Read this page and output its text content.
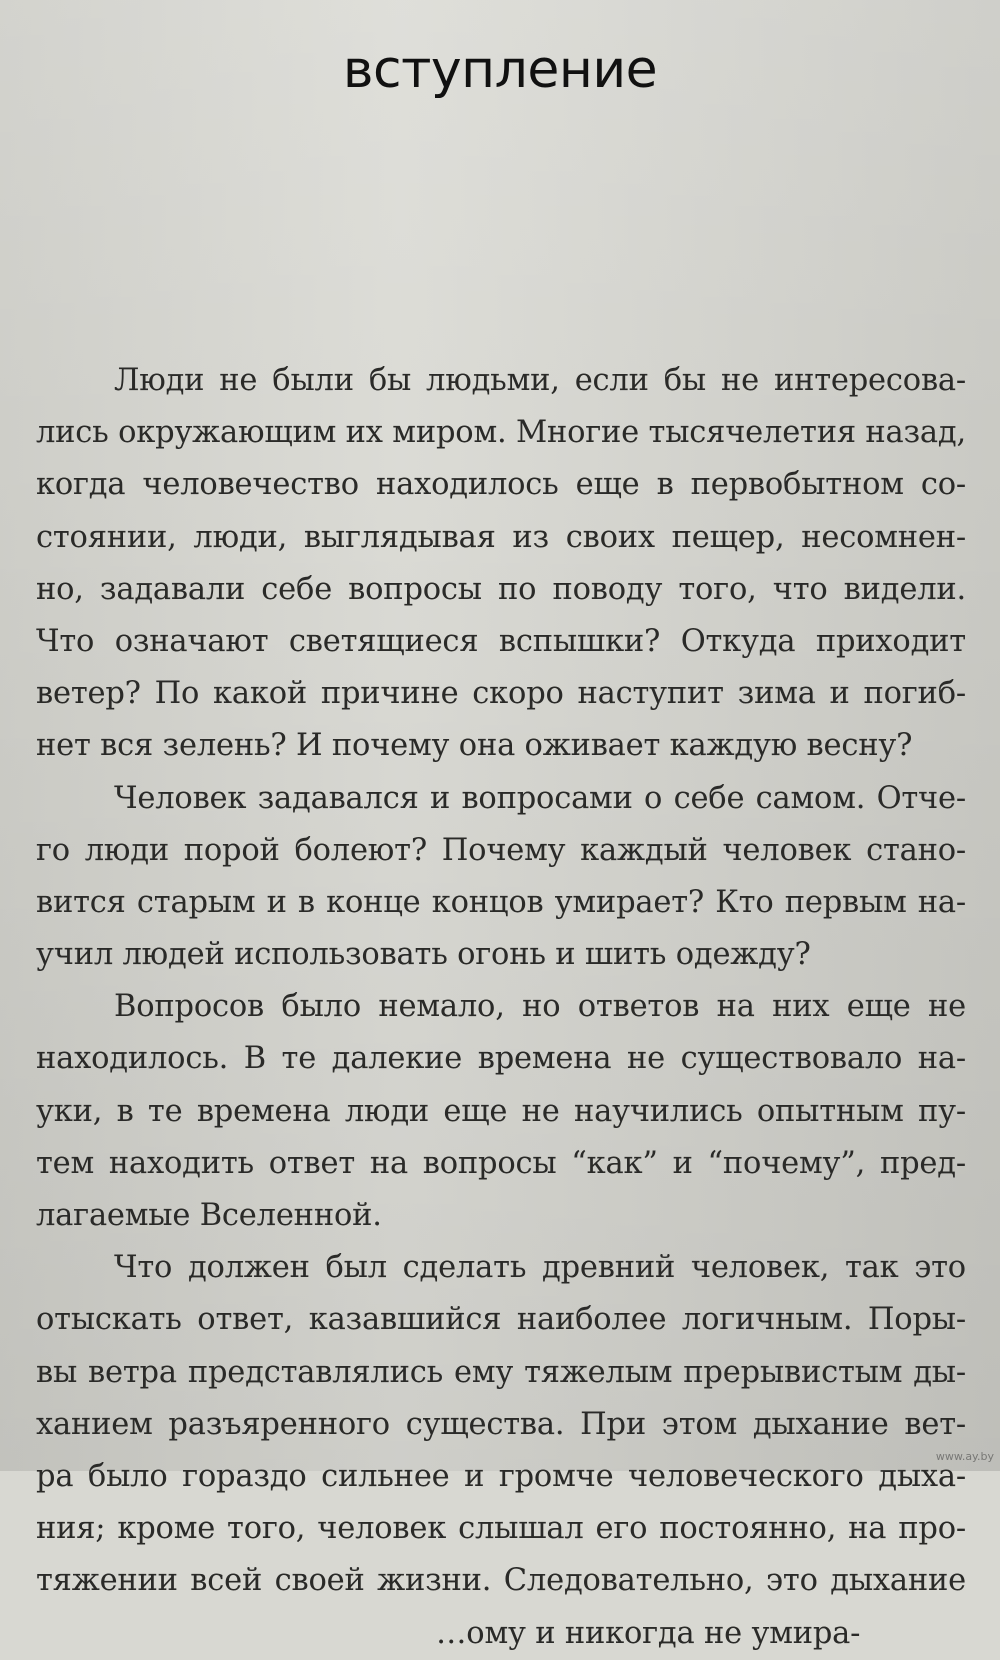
вступление
Люди не были бы людьми, если бы не интересова-
лись окружающим их миром. Многие тысячелетия назад,
когда человечество находилось еще в первобытном со-
стоянии, люди, выглядывая из своих пещер, несомнен-
но, задавали себе вопросы по поводу того, что видели.
Что означают светящиеся вспышки? Откуда приходит
ветер? По какой причине скоро наступит зима и погиб-
нет вся зелень? И почему она оживает каждую весну?
Человек задавался и вопросами о себе самом. Отче-
го люди порой болеют? Почему каждый человек стано-
вится старым и в конце концов умирает? Кто первым на-
учил людей использовать огонь и шить одежду?
Вопросов было немало, но ответов на них еще не
находилось. В те далекие времена не существовало на-
уки, в те времена люди еще не научились опытным пу-
тем находить ответ на вопросы “как” и “почему”, пред-
лагаемые Вселенной.
Что должен был сделать древний человек, так это
отыскать ответ, казавшийся наиболее логичным. Поры-
вы ветра представлялись ему тяжелым прерывистым ды-
ханием разъяренного существа. При этом дыхание вет-
ра было гораздо сильнее и громче человеческого дыха-
ния; кроме того, человек слышал его постоянно, на про-
тяжении всей своей жизни. Следовательно, это дыхание
…ому и никогда не умира-
www.ay.by
